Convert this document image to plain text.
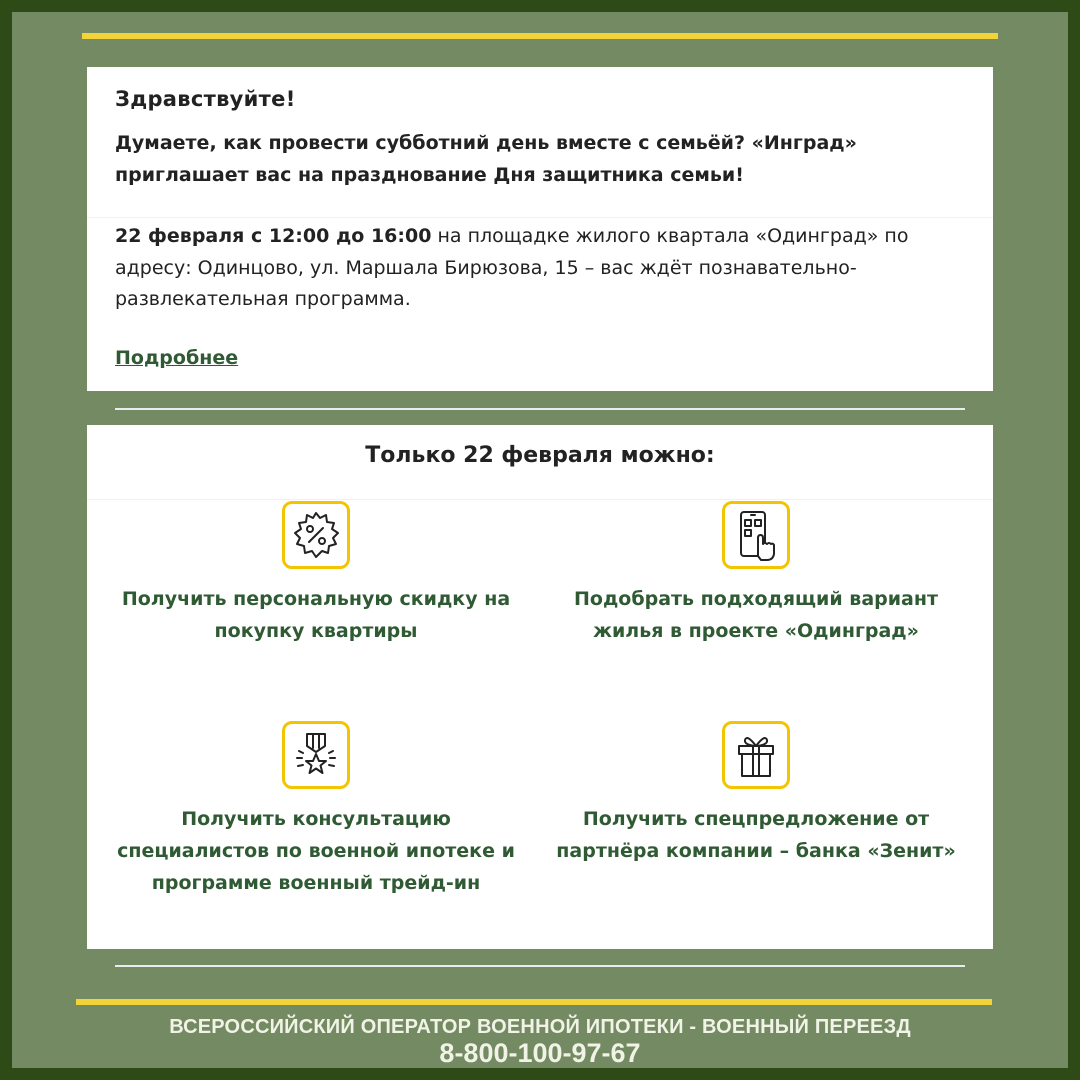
Здравствуйте!

Думаете, как провести субботний день вместе с семьёй? «Инград» приглашает вас на празднование Дня защитника семьи!

22 февраля с 12:00 до 16:00 на площадке жилого квартала «Одинград» по адресу: Одинцово, ул. Маршала Бирюзова, 15 – вас ждёт познавательно-развлекательная программа.

Подробнее

Только 22 февраля можно:

Получить персональную скидку на покупку квартиры

Подобрать подходящий вариант жилья в проекте «Одинград»

Получить консультацию специалистов по военной ипотеке и программе военный трейд-ин

Получить спецпредложение от партнёра компании – банка «Зенит»

ВСЕРОССИЙСКИЙ ОПЕРАТОР ВОЕННОЙ ИПОТЕКИ - ВОЕННЫЙ ПЕРЕЕЗД
8-800-100-97-67
